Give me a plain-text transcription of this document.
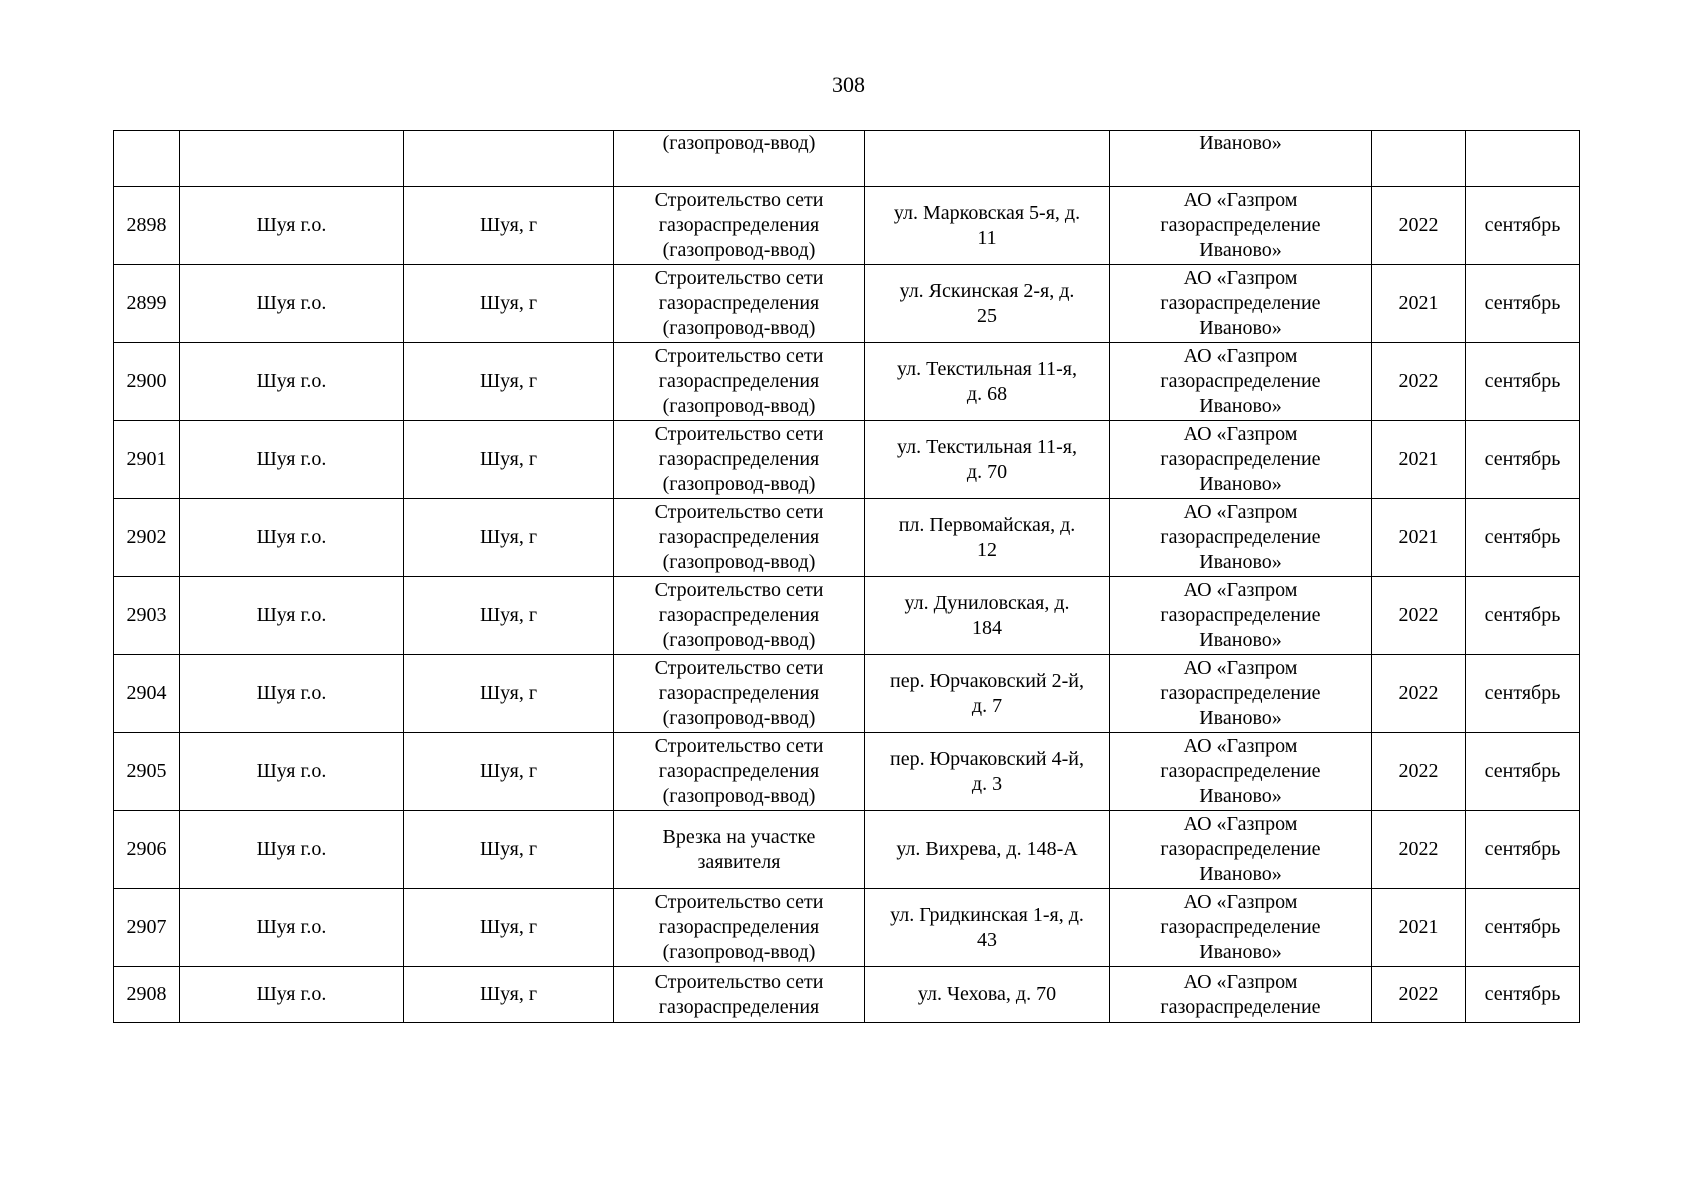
308

			(газопровод-ввод)		Иваново»		

2898	Шуя г.о.	Шуя, г	Строительство сети
газораспределения
(газопровод-ввод)	ул. Марковская 5-я, д.
11	АО «Газпром
газораспределение
Иваново»	2022	сентябрь
2899	Шуя г.о.	Шуя, г	Строительство сети
газораспределения
(газопровод-ввод)	ул. Яскинская 2-я, д.
25	АО «Газпром
газораспределение
Иваново»	2021	сентябрь
2900	Шуя г.о.	Шуя, г	Строительство сети
газораспределения
(газопровод-ввод)	ул. Текстильная 11-я,
д. 68	АО «Газпром
газораспределение
Иваново»	2022	сентябрь
2901	Шуя г.о.	Шуя, г	Строительство сети
газораспределения
(газопровод-ввод)	ул. Текстильная 11-я,
д. 70	АО «Газпром
газораспределение
Иваново»	2021	сентябрь
2902	Шуя г.о.	Шуя, г	Строительство сети
газораспределения
(газопровод-ввод)	пл. Первомайская, д.
12	АО «Газпром
газораспределение
Иваново»	2021	сентябрь
2903	Шуя г.о.	Шуя, г	Строительство сети
газораспределения
(газопровод-ввод)	ул. Дуниловская, д.
184	АО «Газпром
газораспределение
Иваново»	2022	сентябрь
2904	Шуя г.о.	Шуя, г	Строительство сети
газораспределения
(газопровод-ввод)	пер. Юрчаковский 2-й,
д. 7	АО «Газпром
газораспределение
Иваново»	2022	сентябрь
2905	Шуя г.о.	Шуя, г	Строительство сети
газораспределения
(газопровод-ввод)	пер. Юрчаковский 4-й,
д. 3	АО «Газпром
газораспределение
Иваново»	2022	сентябрь
2906	Шуя г.о.	Шуя, г	Врезка на участке
заявителя	ул. Вихрева, д. 148-А	АО «Газпром
газораспределение
Иваново»	2022	сентябрь
2907	Шуя г.о.	Шуя, г	Строительство сети
газораспределения
(газопровод-ввод)	ул. Гридкинская 1-я, д.
43	АО «Газпром
газораспределение
Иваново»	2021	сентябрь
2908	Шуя г.о.	Шуя, г	Строительство сети
газораспределения	ул. Чехова, д. 70	АО «Газпром
газораспределение	2022	сентябрь
